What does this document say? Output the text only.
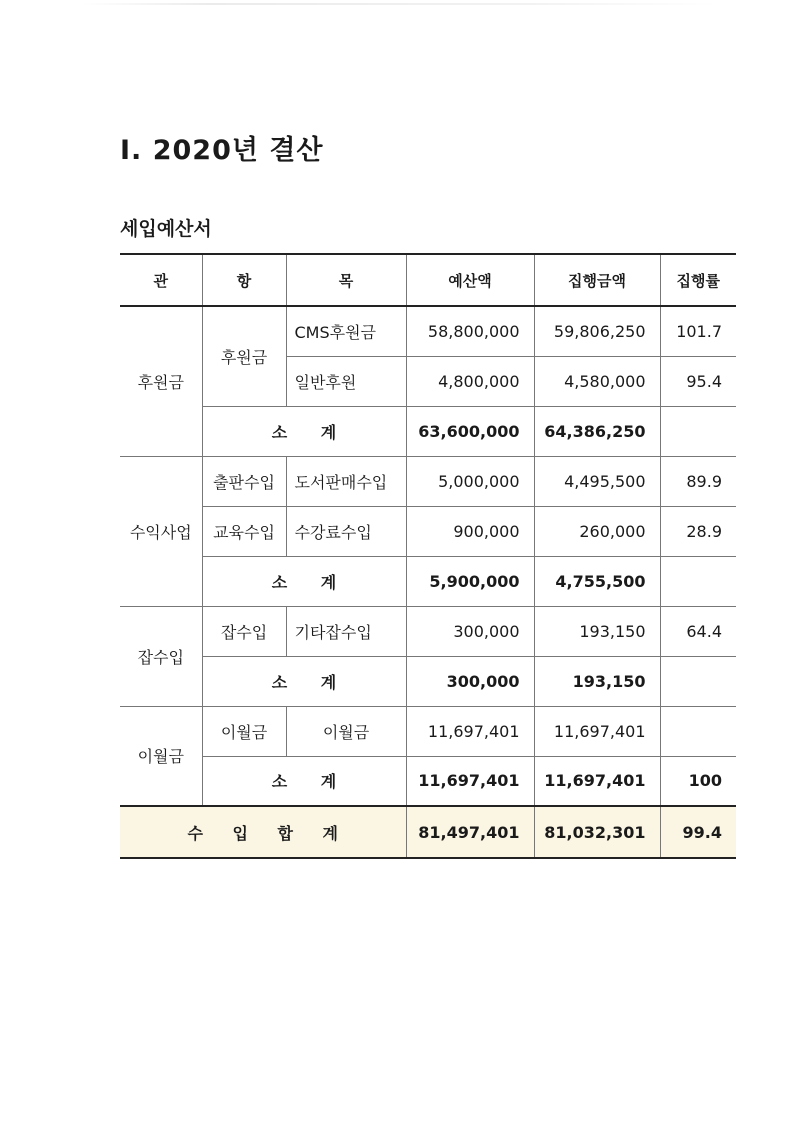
Ⅰ. 2020년 결산
세입예산서
관	항	목	예산액	집행금액	집행률
후원금	후원금	CMS후원금	58,800,000	59,806,250	101.7
		일반후원	4,800,000	4,580,000	95.4
	소 계		63,600,000	64,386,250	
수익사업	출판수입	도서판매수입	5,000,000	4,495,500	89.9
	교육수입	수강료수입	900,000	260,000	28.9
	소 계		5,900,000	4,755,500	
잡수입	잡수입	기타잡수입	300,000	193,150	64.4
	소 계		300,000	193,150	
이월금	이월금	이월금	11,697,401	11,697,401	
	소 계		11,697,401	11,697,401	100
수 입 합 계			81,497,401	81,032,301	99.4
